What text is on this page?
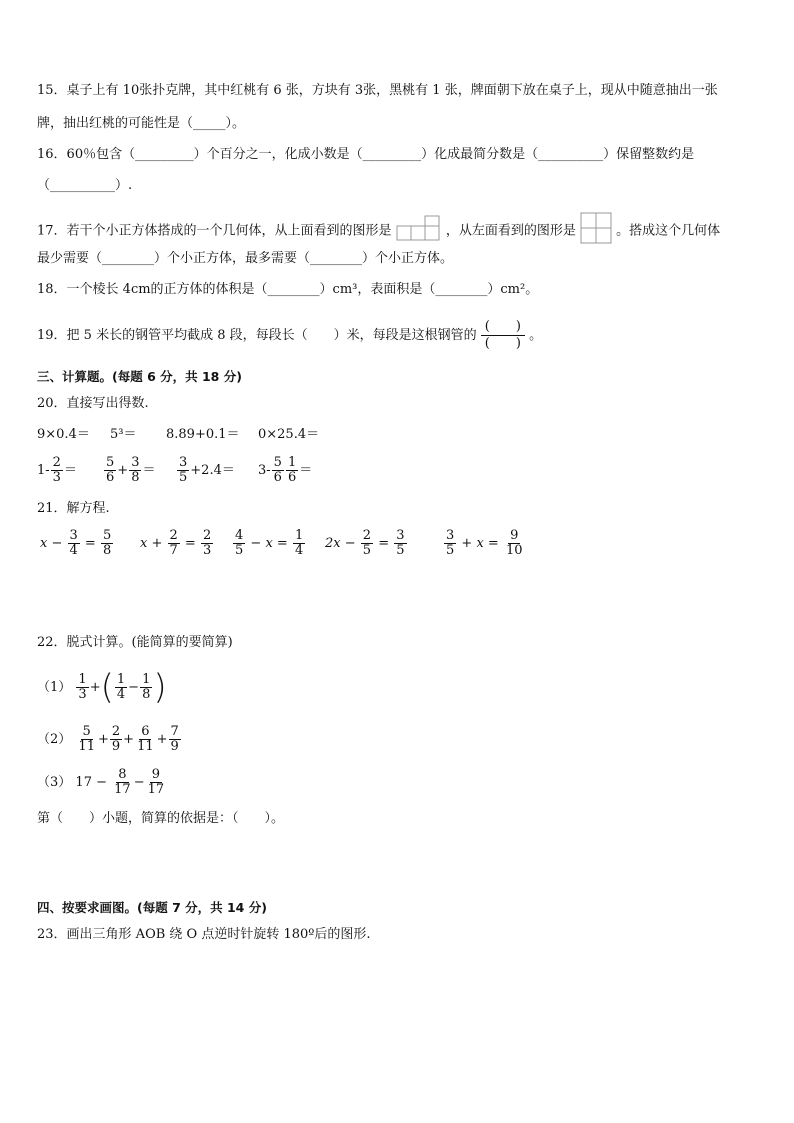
15．桌子上有 10张扑克牌，其中红桃有 6 张，方块有 3张，黑桃有 1 张，牌面朝下放在桌子上，现从中随意抽出一张
牌，抽出红桃的可能性是（_____）。
16．60％包含（_________）个百分之一，化成小数是（_________）化成最简分数是（__________）保留整数约是
（__________）.
17．若干个小正方体搭成的一个几何体，从上面看到的图形是	，从左面看到的图形是	。搭成这个几何体
最少需要（________）个小正方体，最多需要（________）个小正方体。
18．一个棱长 4cm的正方体的体积是（________）cm³，表面积是（________）cm²。
19．把 5 米长的钢管平均截成 8 段，每段长（　　）米，每段是这根钢管的
(　　)
(　　)
。
三、计算题。(每题 6 分，共 18 分)
20．直接写出得数.
9×0.4＝ 5³＝ 8.89+0.1＝ 0×25.4＝
$1- \frac{2}{3} = \frac{5}{6} + \frac{3}{8} = \frac{3}{5} +2.4= 3- \frac{5}{6} \frac{1}{6}$ ＝
21．解方程.
$x - \frac{3}{4} = \frac{5}{8}$ $x + \frac{2}{7} = \frac{2}{3} \frac{4}{5} - x = \frac{1}{4} 2x - \frac{2}{5} = \frac{3}{5}$	$\frac{3}{5} + x = \frac{9}{10}$
22．脱式计算。(能简算的要简算)
$(1) \frac{1}{3}$ +( $\frac{1}{4} - \frac{1}{8}$ )
$(2) \frac{5}{11} + \frac{2}{9} + \frac{6}{11} + \frac{7}{9}$
（3） $17 - \frac{8}{17} - \frac{9}{17}$
第（　　）小题，简算的依据是：（　　）。
四、按要求画图。(每题 7 分，共 14 分)
23．画出三角形 AOB 绕 O 点逆时针旋转 180º后的图形.
